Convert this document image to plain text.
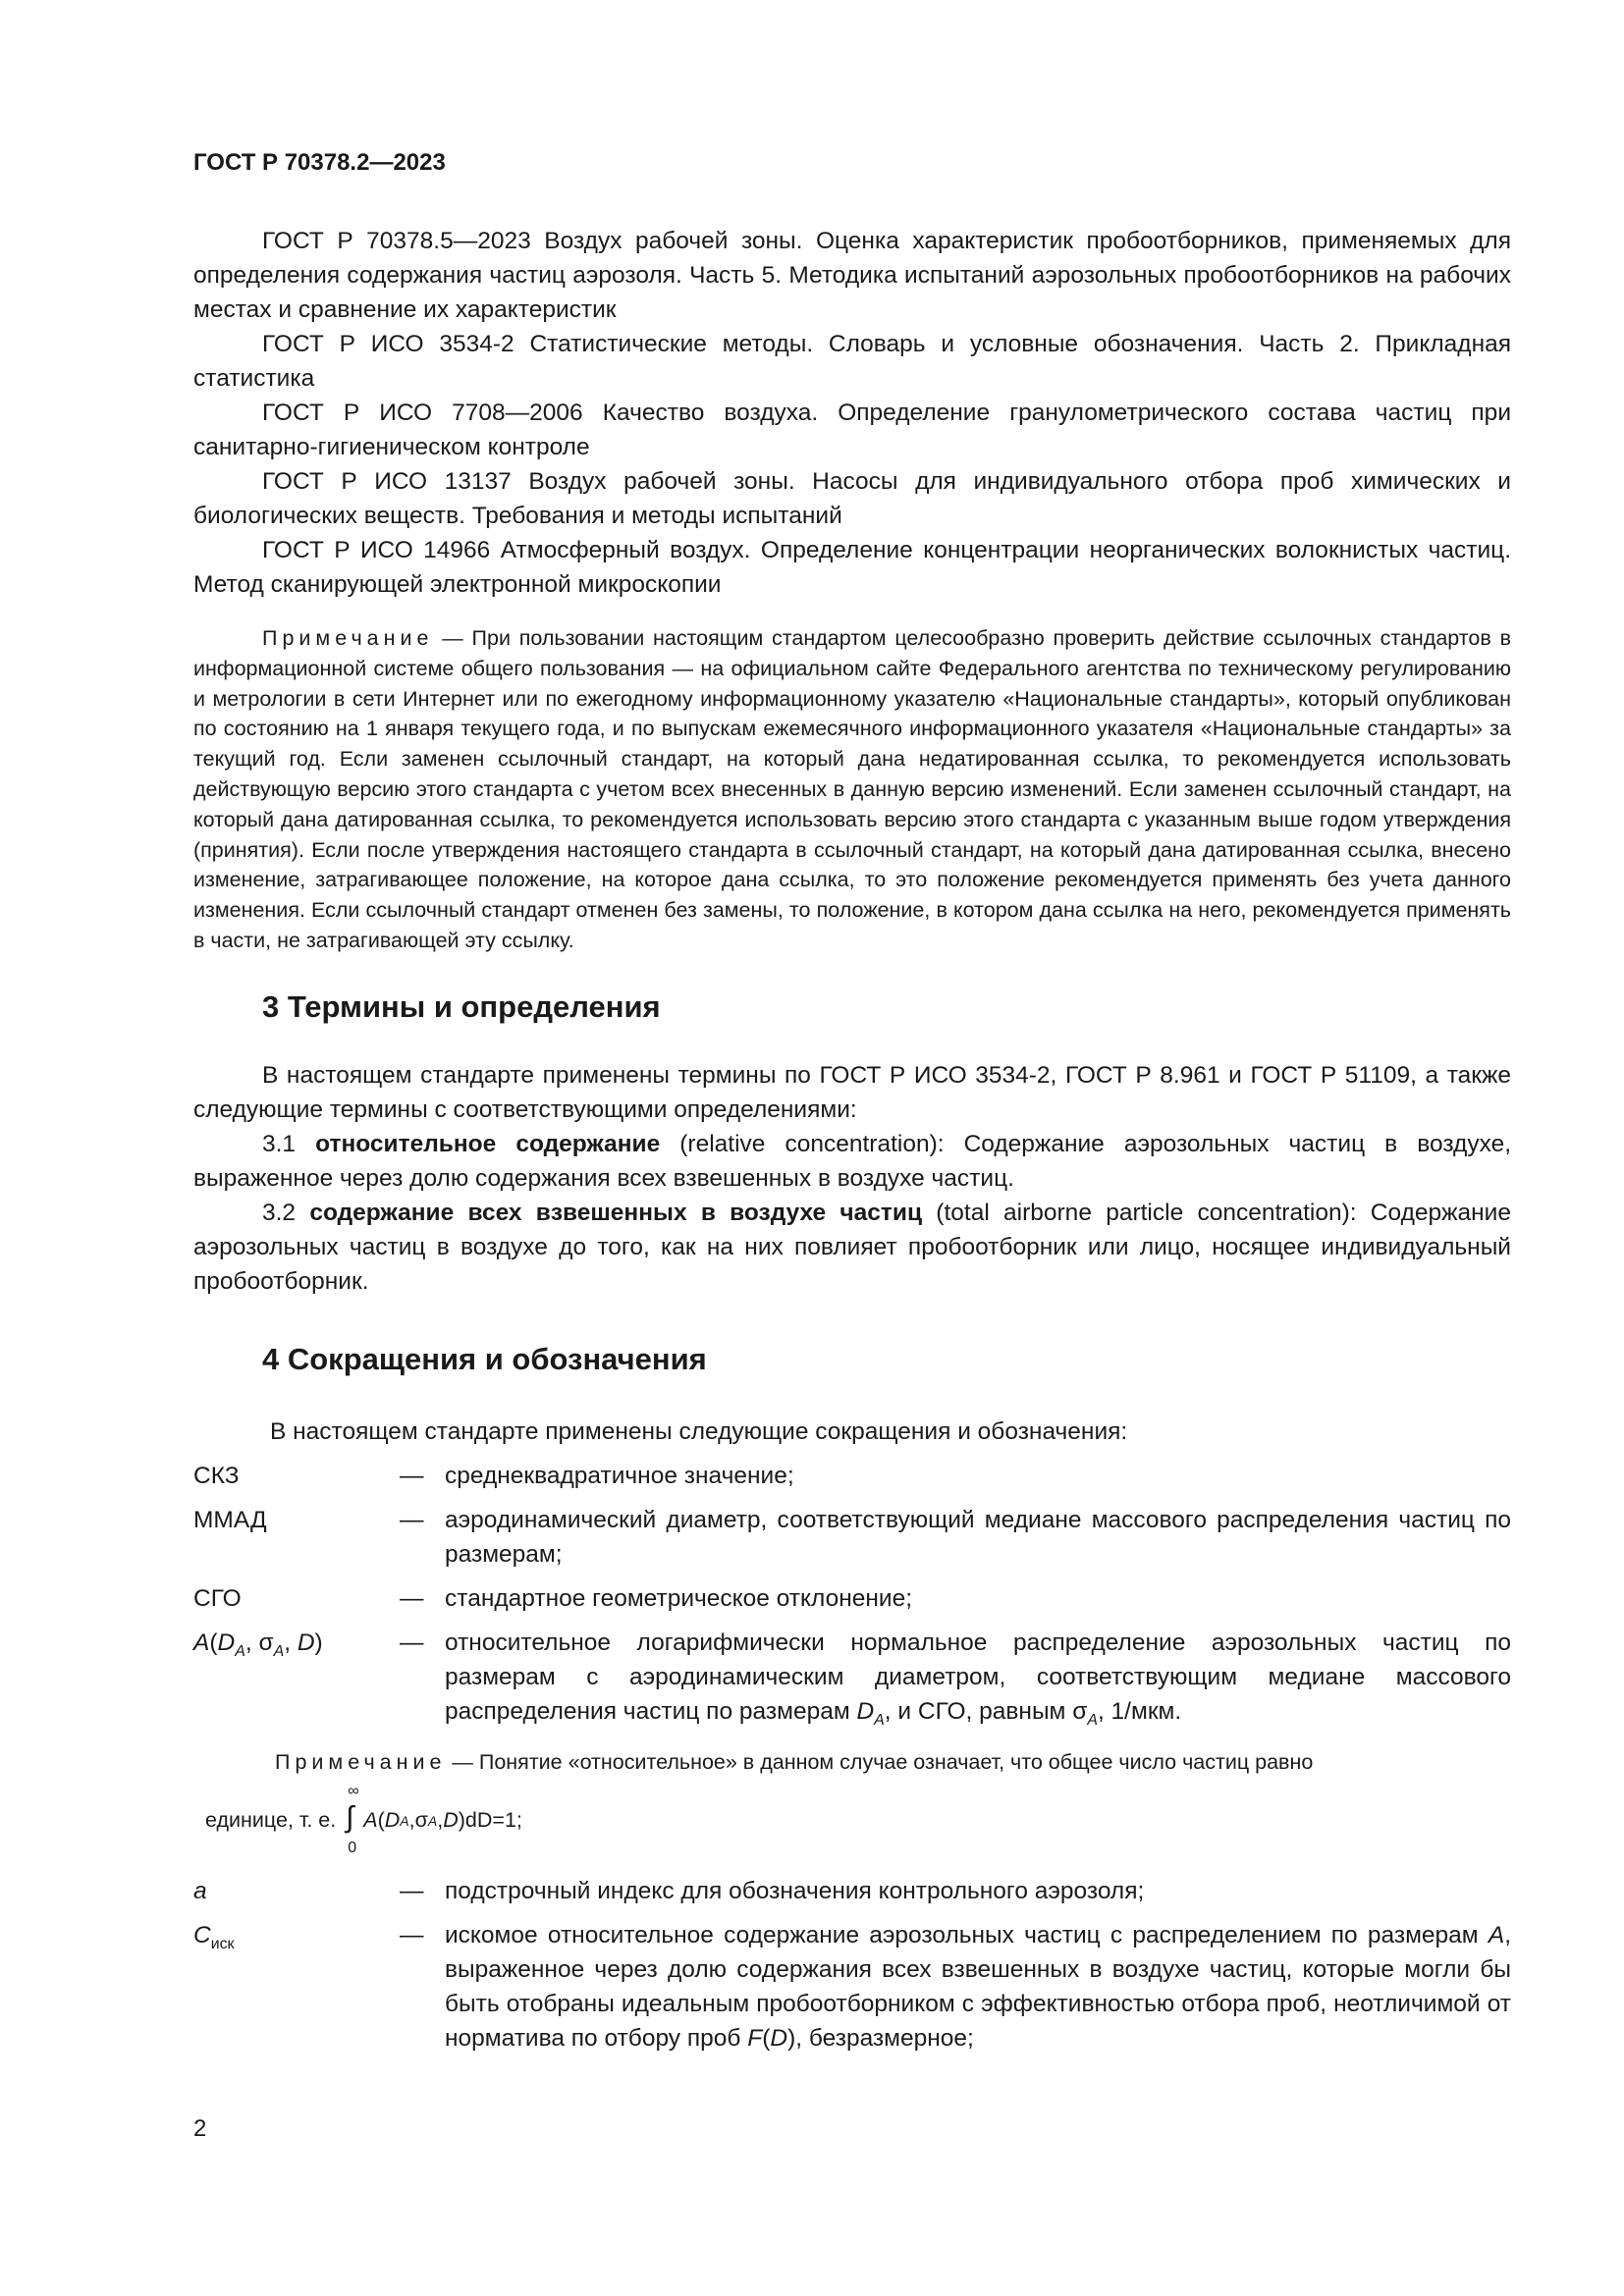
ГОСТ Р 70378.2—2023

ГОСТ Р 70378.5—2023 Воздух рабочей зоны. Оценка характеристик пробоотборников, применяемых для определения содержания частиц аэрозоля. Часть 5. Методика испытаний аэрозольных пробоотборников на рабочих местах и сравнение их характеристик

ГОСТ Р ИСО 3534-2 Статистические методы. Словарь и условные обозначения. Часть 2. Прикладная статистика

ГОСТ Р ИСО 7708—2006 Качество воздуха. Определение гранулометрического состава частиц при санитарно-гигиеническом контроле

ГОСТ Р ИСО 13137 Воздух рабочей зоны. Насосы для индивидуального отбора проб химических и биологических веществ. Требования и методы испытаний

ГОСТ Р ИСО 14966 Атмосферный воздух. Определение концентрации неорганических волокнистых частиц. Метод сканирующей электронной микроскопии

Примечание — При пользовании настоящим стандартом целесообразно проверить действие ссылочных стандартов в информационной системе общего пользования — на официальном сайте Федерального агентства по техническому регулированию и метрологии в сети Интернет или по ежегодному информационному указателю «Национальные стандарты», который опубликован по состоянию на 1 января текущего года, и по выпускам ежемесячного информационного указателя «Национальные стандарты» за текущий год. Если заменен ссылочный стандарт, на который дана недатированная ссылка, то рекомендуется использовать действующую версию этого стандарта с учетом всех внесенных в данную версию изменений. Если заменен ссылочный стандарт, на который дана датированная ссылка, то рекомендуется использовать версию этого стандарта с указанным выше годом утверждения (принятия). Если после утверждения настоящего стандарта в ссылочный стандарт, на который дана датированная ссылка, внесено изменение, затрагивающее положение, на которое дана ссылка, то это положение рекомендуется применять без учета данного изменения. Если ссылочный стандарт отменен без замены, то положение, в котором дана ссылка на него, рекомендуется применять в части, не затрагивающей эту ссылку.

3 Термины и определения

В настоящем стандарте применены термины по ГОСТ Р ИСО 3534-2, ГОСТ Р 8.961 и ГОСТ Р 51109, а также следующие термины с соответствующими определениями:

3.1 относительное содержание (relative concentration): Содержание аэрозольных частиц в воздухе, выраженное через долю содержания всех взвешенных в воздухе частиц.

3.2 содержание всех взвешенных в воздухе частиц (total airborne particle concentration): Содержание аэрозольных частиц в воздухе до того, как на них повлияет пробоотборник или лицо, носящее индивидуальный пробоотборник.

4 Сокращения и обозначения
В настоящем стандарте применены следующие сокращения и обозначения:
СКЗ	— среднеквадратичное значение;
ММАД	— аэродинамический диаметр, соответствующий медиане массового распределения частиц по размерам;
СГО	— стандартное геометрическое отклонение;
$A(D_A$, $\sigma_A$, D)	— относительное логарифмически нормальное распределение аэрозольных частиц по размерам с аэродинамическим диаметром, соответствующим медиане массового распределения частиц по размерам $D_A$, и СГО, равным $\sigma_A$, 1/мкм.
Примечание — Понятие «относительное» в данном случае означает, что общее число частиц равно
единице, т. е.
∞
∫
0
A ( D A , σ A , D ) dD=1;
a	— подстрочный индекс для обозначения контрольного аэрозоля;
$C_{иск}$	— искомое относительное содержание аэрозольных частиц с распределением по размерам A, выраженное через долю содержания всех взвешенных в воздухе частиц, которые могли бы быть отобраны идеальным пробоотборником с эффективностью отбора проб, неотличимой от норматива по отбору проб F(D), безразмерное;
2
